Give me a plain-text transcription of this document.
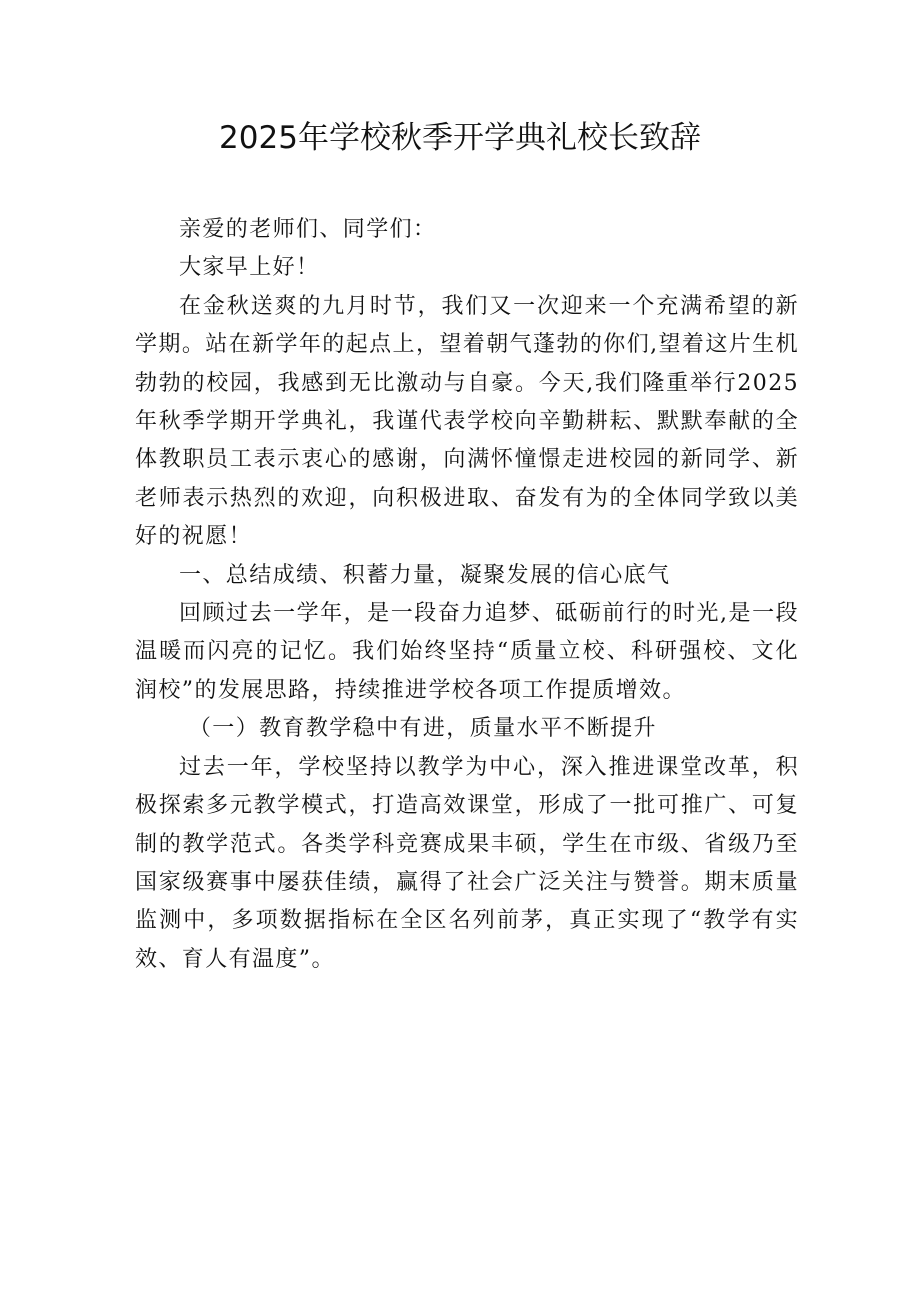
2025年学校秋季开学典礼校长致辞

亲爱的老师们、同学们：

大家早上好！

在金秋送爽的九月时节，我们又一次迎来一个充满希望的新学期。站在新学年的起点上，望着朝气蓬勃的你们,望着这片生机勃勃的校园，我感到无比激动与自豪。今天,我们隆重举行2025年秋季学期开学典礼，我谨代表学校向辛勤耕耘、默默奉献的全体教职员工表示衷心的感谢，向满怀憧憬走进校园的新同学、新老师表示热烈的欢迎，向积极进取、奋发有为的全体同学致以美好的祝愿！

一、总结成绩、积蓄力量，凝聚发展的信心底气

回顾过去一学年，是一段奋力追梦、砥砺前行的时光,是一段温暖而闪亮的记忆。我们始终坚持“质量立校、科研强校、文化润校”的发展思路，持续推进学校各项工作提质增效。

（一）教育教学稳中有进，质量水平不断提升

过去一年，学校坚持以教学为中心，深入推进课堂改革，积极探索多元教学模式，打造高效课堂，形成了一批可推广、可复制的教学范式。各类学科竞赛成果丰硕，学生在市级、省级乃至国家级赛事中屡获佳绩，赢得了社会广泛关注与赞誉。期末质量监测中，多项数据指标在全区名列前茅，真正实现了“教学有实效、育人有温度”。
